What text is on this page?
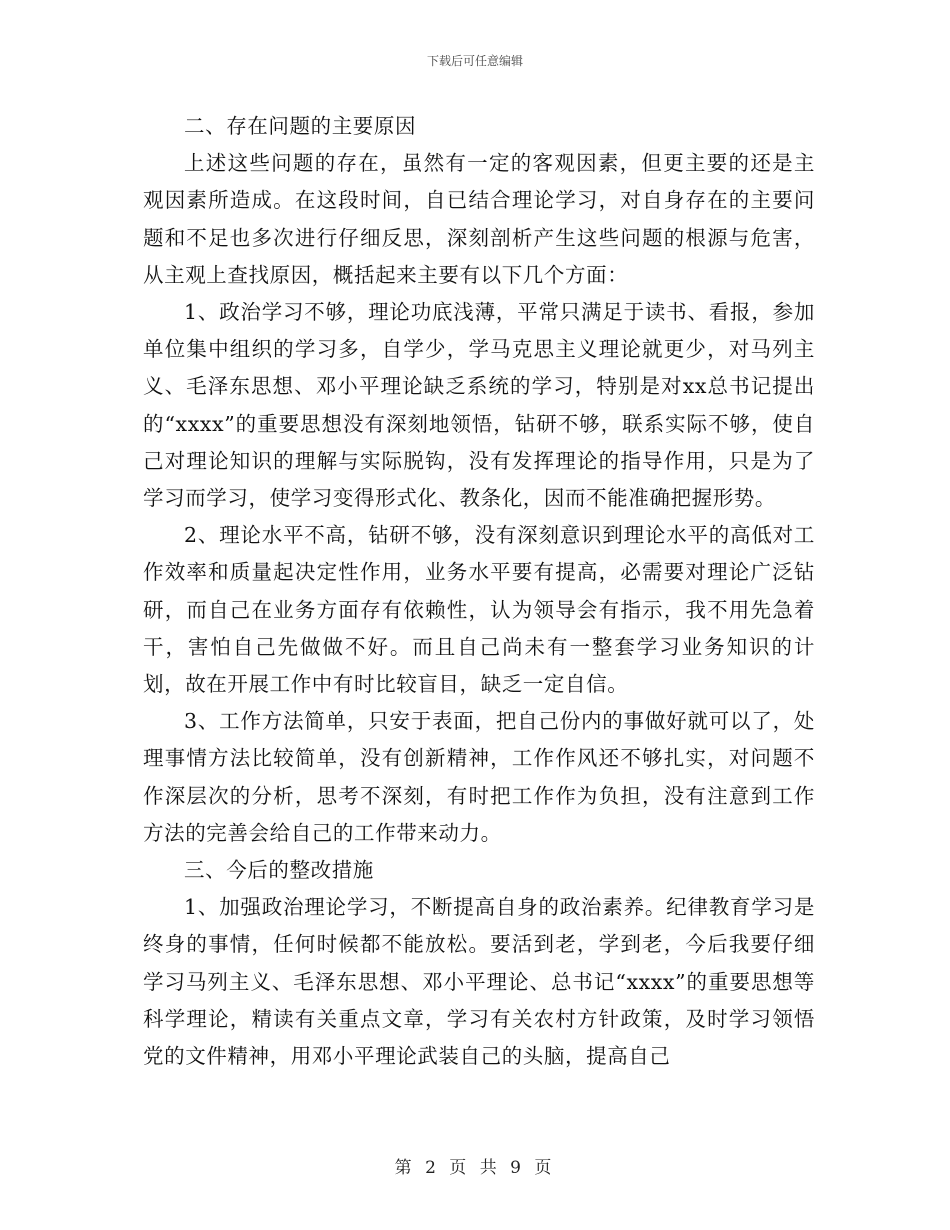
下载后可任意编辑

二、存在问题的主要原因

上述这些问题的存在，虽然有一定的客观因素，但更主要的还是主观因素所造成。在这段时间，自已结合理论学习，对自身存在的主要问题和不足也多次进行仔细反思，深刻剖析产生这些问题的根源与危害，从主观上查找原因，概括起来主要有以下几个方面：

1、政治学习不够，理论功底浅薄，平常只满足于读书、看报，参加单位集中组织的学习多，自学少，学马克思主义理论就更少，对马列主义、毛泽东思想、邓小平理论缺乏系统的学习，特别是对xx总书记提出的“xxxx”的重要思想没有深刻地领悟，钻研不够，联系实际不够，使自己对理论知识的理解与实际脱钩，没有发挥理论的指导作用，只是为了学习而学习，使学习变得形式化、教条化，因而不能准确把握形势。

2、理论水平不高，钻研不够，没有深刻意识到理论水平的高低对工作效率和质量起决定性作用，业务水平要有提高，必需要对理论广泛钻研，而自己在业务方面存有依赖性，认为领导会有指示，我不用先急着干，害怕自己先做做不好。而且自己尚未有一整套学习业务知识的计划，故在开展工作中有时比较盲目，缺乏一定自信。

3、工作方法简单，只安于表面，把自己份内的事做好就可以了，处理事情方法比较简单，没有创新精神，工作作风还不够扎实，对问题不作深层次的分析，思考不深刻，有时把工作作为负担，没有注意到工作方法的完善会给自己的工作带来动力。

三、今后的整改措施

1、加强政治理论学习，不断提高自身的政治素养。纪律教育学习是终身的事情，任何时候都不能放松。要活到老，学到老，今后我要仔细学习马列主义、毛泽东思想、邓小平理论、总书记“xxxx”的重要思想等科学理论，精读有关重点文章，学习有关农村方针政策，及时学习领悟党的文件精神，用邓小平理论武装自己的头脑，提高自己

第 2 页 共 9 页
